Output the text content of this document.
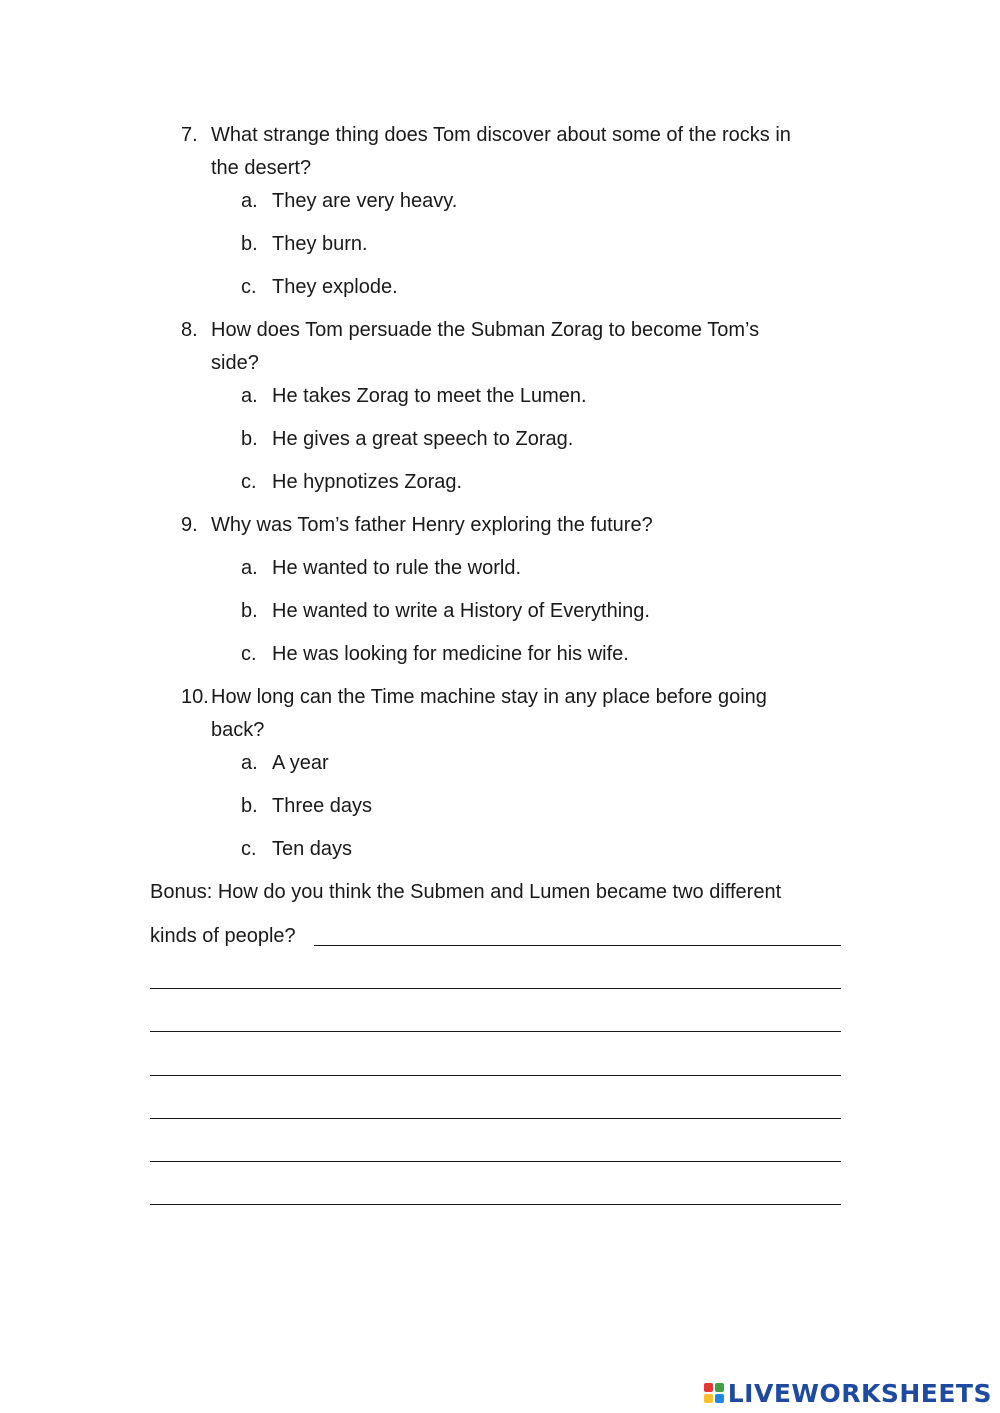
7. What strange thing does Tom discover about some of the rocks in
the desert?
a. They are very heavy.
b. They burn.
c. They explode.
8. How does Tom persuade the Subman Zorag to become Tom’s
side?
a. He takes Zorag to meet the Lumen.
b. He gives a great speech to Zorag.
c. He hypnotizes Zorag.
9. Why was Tom’s father Henry exploring the future?
a. He wanted to rule the world.
b. He wanted to write a History of Everything.
c. He was looking for medicine for his wife.
10. How long can the Time machine stay in any place before going
back?
a. A year
b. Three days
c. Ten days
Bonus: How do you think the Submen and Lumen became two different
kinds of people?
LIVEWORKSHEETS
